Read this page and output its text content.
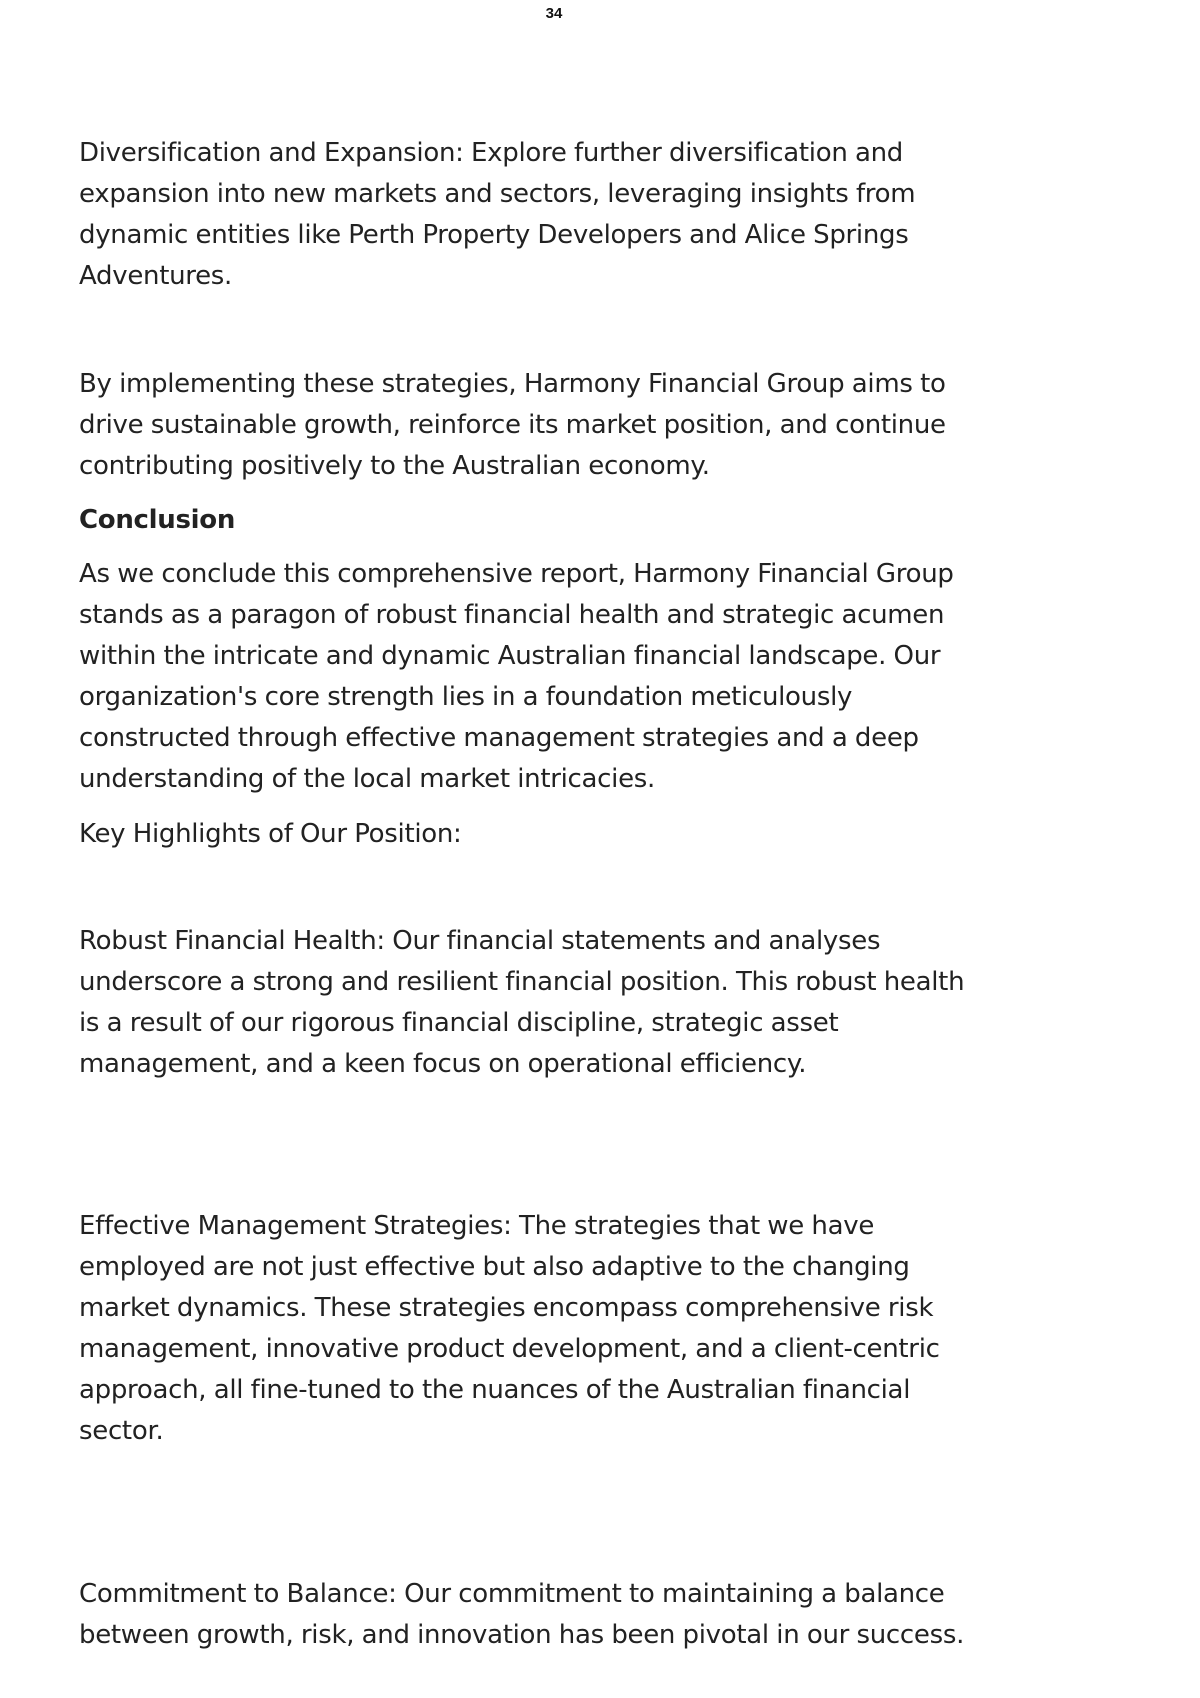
34

Diversification and Expansion: Explore further diversification and
expansion into new markets and sectors, leveraging insights from
dynamic entities like Perth Property Developers and Alice Springs
Adventures.

By implementing these strategies, Harmony Financial Group aims to
drive sustainable growth, reinforce its market position, and continue
contributing positively to the Australian economy.

Conclusion

As we conclude this comprehensive report, Harmony Financial Group
stands as a paragon of robust financial health and strategic acumen
within the intricate and dynamic Australian financial landscape. Our
organization's core strength lies in a foundation meticulously
constructed through effective management strategies and a deep
understanding of the local market intricacies.

Key Highlights of Our Position:

Robust Financial Health: Our financial statements and analyses
underscore a strong and resilient financial position. This robust health
is a result of our rigorous financial discipline, strategic asset
management, and a keen focus on operational efficiency.

Effective Management Strategies: The strategies that we have
employed are not just effective but also adaptive to the changing
market dynamics. These strategies encompass comprehensive risk
management, innovative product development, and a client-centric
approach, all fine-tuned to the nuances of the Australian financial
sector.

Commitment to Balance: Our commitment to maintaining a balance
between growth, risk, and innovation has been pivotal in our success.
